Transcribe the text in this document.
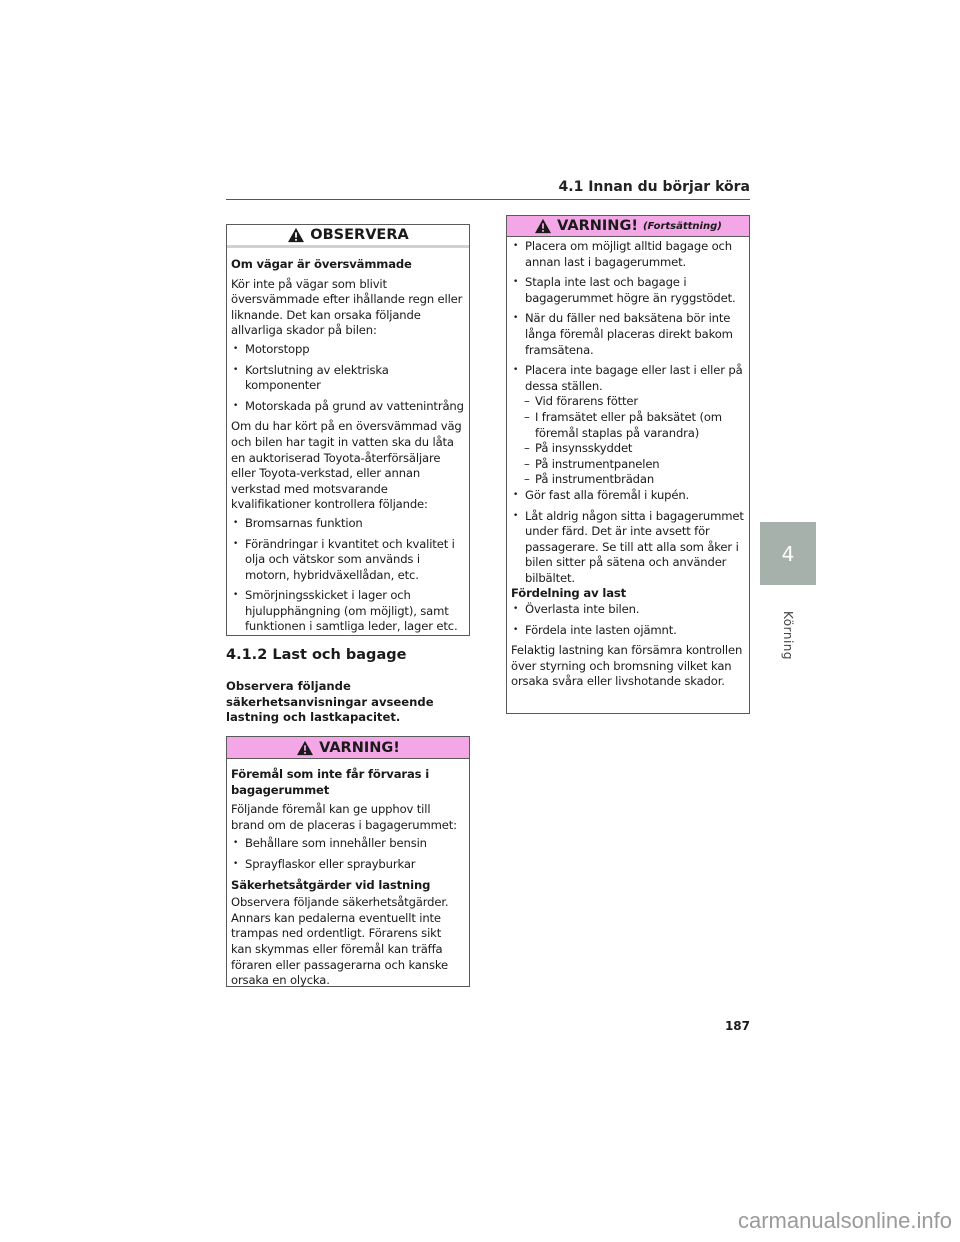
4.1 Innan du börjar köra
4
Körning
OBSERVERA

Om vägar är översvämmade

Kör inte på vägar som blivit översvämmade efter ihållande regn eller liknande. Det kan orsaka följande allvarliga skador på bilen:

• Motorstopp
• Kortslutning av elektriska komponenter
• Motorskada på grund av vattenintrång

Om du har kört på en översvämmad väg och bilen har tagit in vatten ska du låta en auktoriserad Toyota-återförsäljare eller Toyota-verkstad, eller annan verkstad med motsvarande kvalifikationer kontrollera följande:

• Bromsarnas funktion
• Förändringar i kvantitet och kvalitet i olja och vätskor som används i motorn, hybridväxellådan, etc.
• Smörjningsskicket i lager och hjulupphängning (om möjligt), samt funktionen i samtliga leder, lager etc.
4.1.2 Last och bagage
Observera följande säkerhetsanvisningar avseende lastning och lastkapacitet.
VARNING!

Föremål som inte får förvaras i bagagerummet

Följande föremål kan ge upphov till brand om de placeras i bagagerummet:

• Behållare som innehåller bensin
• Sprayflaskor eller sprayburkar

Säkerhetsåtgärder vid lastning

Observera följande säkerhetsåtgärder. Annars kan pedalerna eventuellt inte trampas ned ordentligt. Förarens sikt kan skymmas eller föremål kan träffa föraren eller passagerarna och kanske orsaka en olycka.

VARNING! (Fortsättning)
• Placera om möjligt alltid bagage och annan last i bagagerummet.
• Stapla inte last och bagage i bagagerummet högre än ryggstödet.
• När du fäller ned baksätena bör inte långa föremål placeras direkt bakom framsätena.
• Placera inte bagage eller last i eller på dessa ställen.
– Vid förarens fötter
– I framsätet eller på baksätet (om föremål staplas på varandra)
– På insynsskyddet
– På instrumentpanelen
– På instrumentbrädan
• Gör fast alla föremål i kupén.
• Låt aldrig någon sitta i bagagerummet under färd. Det är inte avsett för passagerare. Se till att alla som åker i bilen sitter på sätena och använder bilbältet.

Fördelning av last

• Överlasta inte bilen.
• Fördela inte lasten ojämnt.

Felaktig lastning kan försämra kontrollen över styrning och bromsning vilket kan orsaka svåra eller livshotande skador.

187
carmanualsonline.info
